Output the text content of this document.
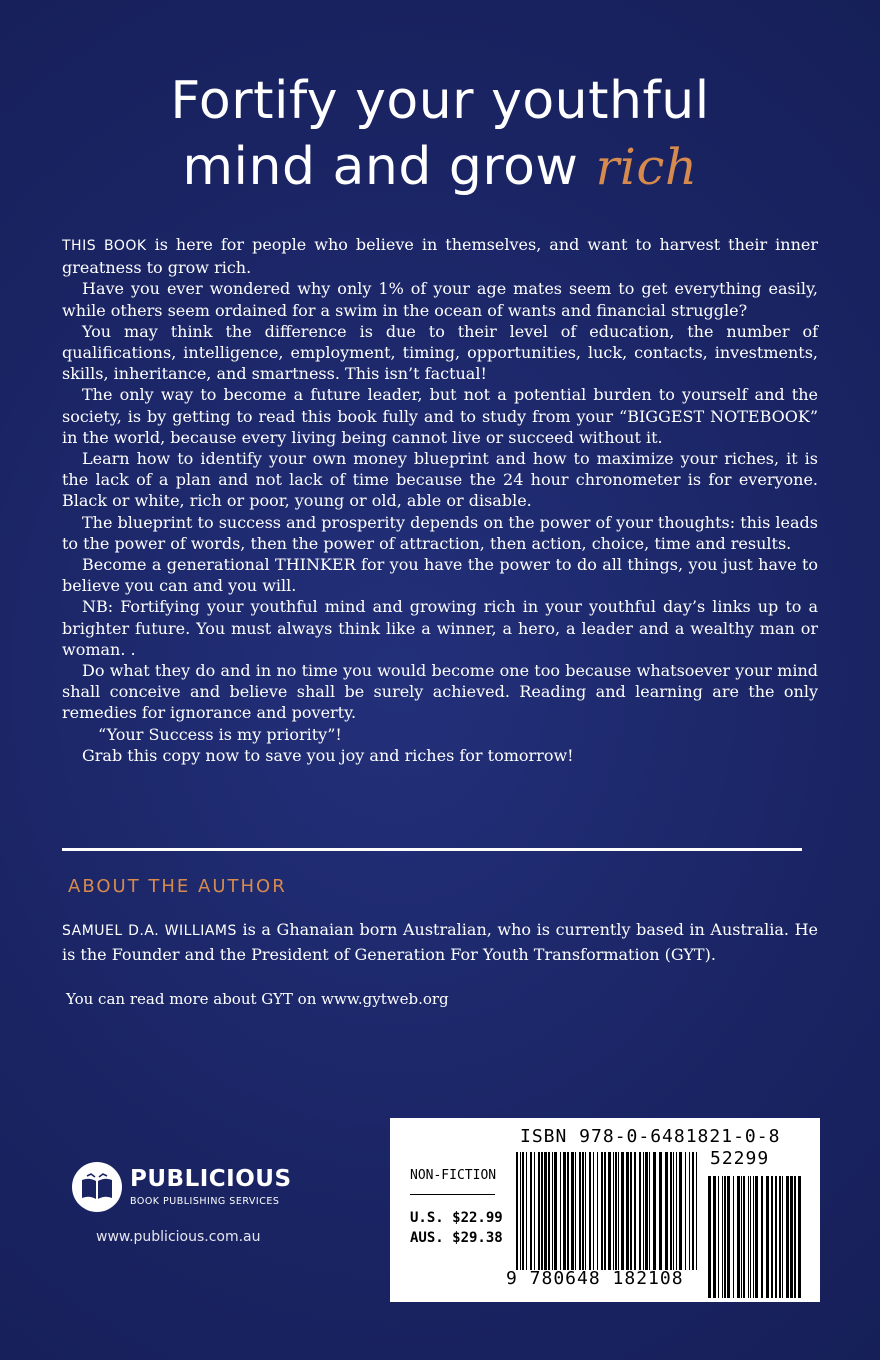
Fortify your youthful
mind and grow rich

THIS BOOK is here for people who believe in themselves, and want to harvest their inner greatness to grow rich.

Have you ever wondered why only 1% of your age mates seem to get everything easily, while others seem ordained for a swim in the ocean of wants and financial struggle?

You may think the difference is due to their level of education, the number of qualifications, intelligence, employment, timing, opportunities, luck, contacts, investments, skills, inheritance, and smartness. This isn’t factual!

The only way to become a future leader, but not a potential burden to yourself and the society, is by getting to read this book fully and to study from your “BIGGEST NOTEBOOK” in the world, because every living being cannot live or succeed without it.

Learn how to identify your own money blueprint and how to maximize your riches, it is the lack of a plan and not lack of time because the 24 hour chronometer is for everyone. Black or white, rich or poor, young or old, able or disable.

The blueprint to success and prosperity depends on the power of your thoughts: this leads to the power of words, then the power of attraction, then action, choice, time and results.

Become a generational THINKER for you have the power to do all things, you just have to believe you can and you will.

NB: Fortifying your youthful mind and growing rich in your youthful day’s links up to a brighter future. You must always think like a winner, a hero, a leader and a wealthy man or woman. .

Do what they do and in no time you would become one too because whatsoever your mind shall conceive and believe shall be surely achieved. Reading and learning are the only remedies for ignorance and poverty.

“Your Success is my priority”!

Grab this copy now to save you joy and riches for tomorrow!

ABOUT THE AUTHOR
SAMUEL D.A. WILLIAMS is a Ghanaian born Australian, who is currently based in Australia. He is the Founder and the President of Generation For Youth Transformation (GYT).
You can read more about GYT on www.gytweb.org
PUBLICIOUS
BOOK PUBLISHING SERVICES
www.publicious.com.au
ISBN 978-0-6481821-0-8
NON-FICTION
U.S. $22.99
AUS. $29.38
52299
9 780648 182108
